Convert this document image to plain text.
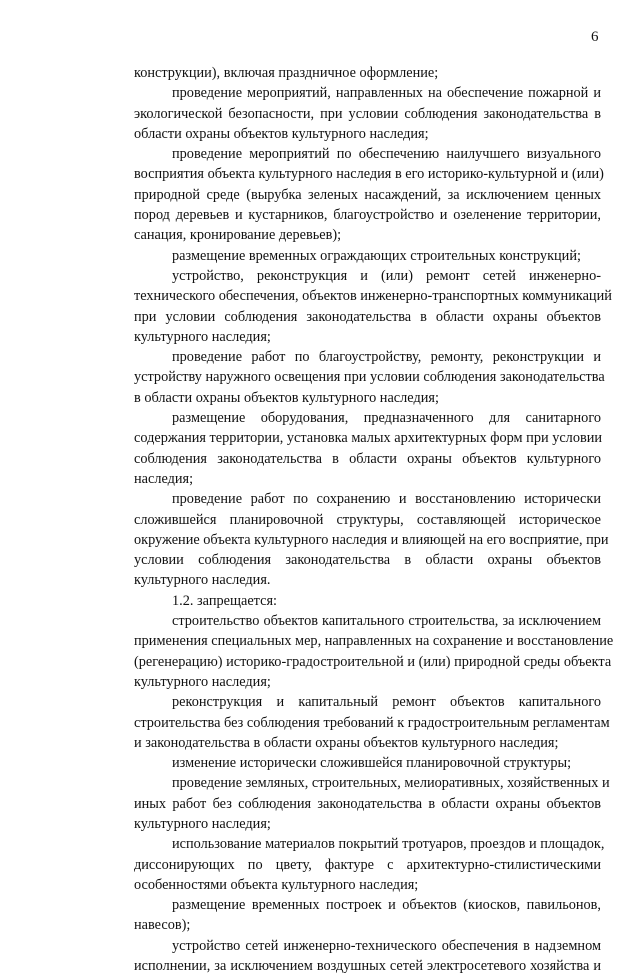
6
конструкции), включая праздничное оформление;
проведение мероприятий, направленных на обеспечение пожарной и
экологической безопасности, при условии соблюдения законодательства в
области охраны объектов культурного наследия;
проведение мероприятий по обеспечению наилучшего визуального
восприятия объекта культурного наследия в его историко-культурной и (или)
природной среде (вырубка зеленых насаждений, за исключением ценных
пород деревьев и кустарников, благоустройство и озеленение территории,
санация, кронирование деревьев);
размещение временных ограждающих строительных конструкций;
устройство, реконструкция и (или) ремонт сетей инженерно-
технического обеспечения, объектов инженерно-транспортных коммуникаций
при условии соблюдения законодательства в области охраны объектов
культурного наследия;
проведение работ по благоустройству, ремонту, реконструкции и
устройству наружного освещения при условии соблюдения законодательства
в области охраны объектов культурного наследия;
размещение оборудования, предназначенного для санитарного
содержания территории, установка малых архитектурных форм при условии
соблюдения законодательства в области охраны объектов культурного
наследия;
проведение работ по сохранению и восстановлению исторически
сложившейся планировочной структуры, составляющей историческое
окружение объекта культурного наследия и влияющей на его восприятие, при
условии соблюдения законодательства в области охраны объектов
культурного наследия.
1.2. запрещается:
строительство объектов капитального строительства, за исключением
применения специальных мер, направленных на сохранение и восстановление
(регенерацию) историко-градостроительной и (или) природной среды объекта
культурного наследия;
реконструкция и капитальный ремонт объектов капитального
строительства без соблюдения требований к градостроительным регламентам
и законодательства в области охраны объектов культурного наследия;
изменение исторически сложившейся планировочной структуры;
проведение земляных, строительных, мелиоративных, хозяйственных и
иных работ без соблюдения законодательства в области охраны объектов
культурного наследия;
использование материалов покрытий тротуаров, проездов и площадок,
диссонирующих по цвету, фактуре с архитектурно-стилистическими
особенностями объекта культурного наследия;
размещение временных построек и объектов (киосков, павильонов,
навесов);
устройство сетей инженерно-технического обеспечения в надземном
исполнении, за исключением воздушных сетей электросетевого хозяйства и
